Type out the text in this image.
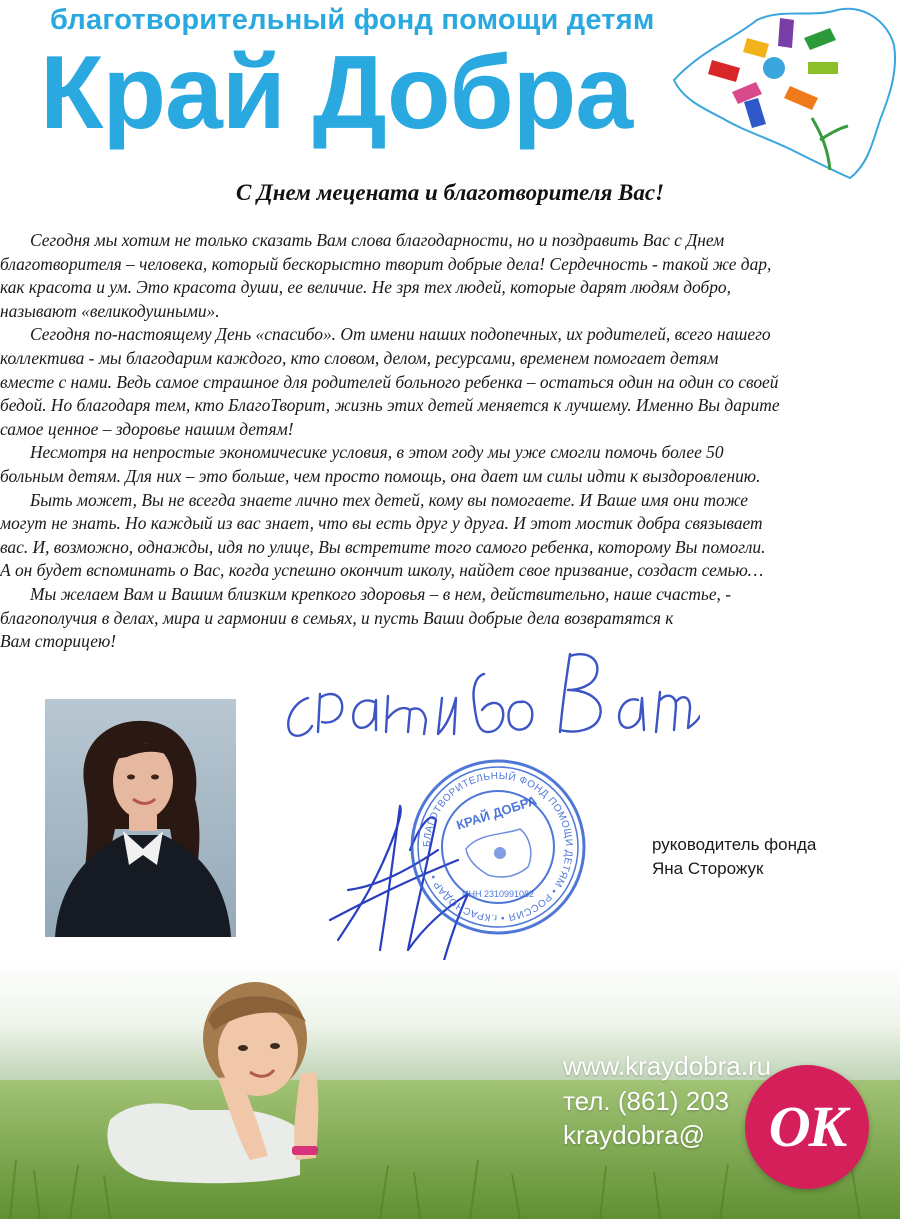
благотворительный фонд помощи детям
Край Добра
С Днем мецената и благотворителя Вас!
Сегодня мы хотим не только сказать Вам слова благодарности, но и поздравить Вас с Днем
благотворителя – человека, который бескорыстно творит добрые дела! Сердечность - такой же дар,
как красота и ум. Это красота души, ее величие. Не зря тех людей, которые дарят людям добро,
называют «великодушными».
Сегодня по-настоящему День «спасибо». От имени наших подопечных, их родителей, всего нашего
коллектива - мы благодарим каждого, кто словом, делом, ресурсами, временем помогает детям
вместе с нами. Ведь самое страшное для родителей больного ребенка – остаться один на один со своей
бедой. Но благодаря тем, кто БлагоТворит, жизнь этих детей меняется к лучшему. Именно Вы дарите
самое ценное – здоровье нашим детям!
Несмотря на непростые экономичесике условия, в этом году мы уже смогли помочь более 50
больным детям. Для них – это больше, чем просто помощь, она дает им силы идти к выздоровлению.
Быть может, Вы не всегда знаете лично тех детей, кому вы помогаете. И Ваше имя они тоже
могут не знать. Но каждый из вас знает, что вы есть друг у друга. И этот мостик добра связывает
вас. И, возможно, однажды, идя по улице, Вы встретите того самого ребенка, которому Вы помогли.
А он будет вспоминать о Вас, когда успешно окончит школу, найдет свое призвание, создаст семью…
Мы желаем Вам и Вашим близким крепкого здоровья – в нем, действительно, наше счастье, -
благополучия в делах, мира и гармонии в семьях, и пусть Ваши добрые дела возвратятся к
Вам сторицею!
БЛАГОТВОРИТЕЛЬНЫЙ ФОНД ПОМОЩИ ДЕТЯМ • РОССИЯ • г.КРАСНОДАР •
КРАЙ ДОБРА
ИНН 2310991082
руководитель фонда
Яна Сторожук
www.kraydobra.ru
тел. (861) 203
kraydobra@	OK
